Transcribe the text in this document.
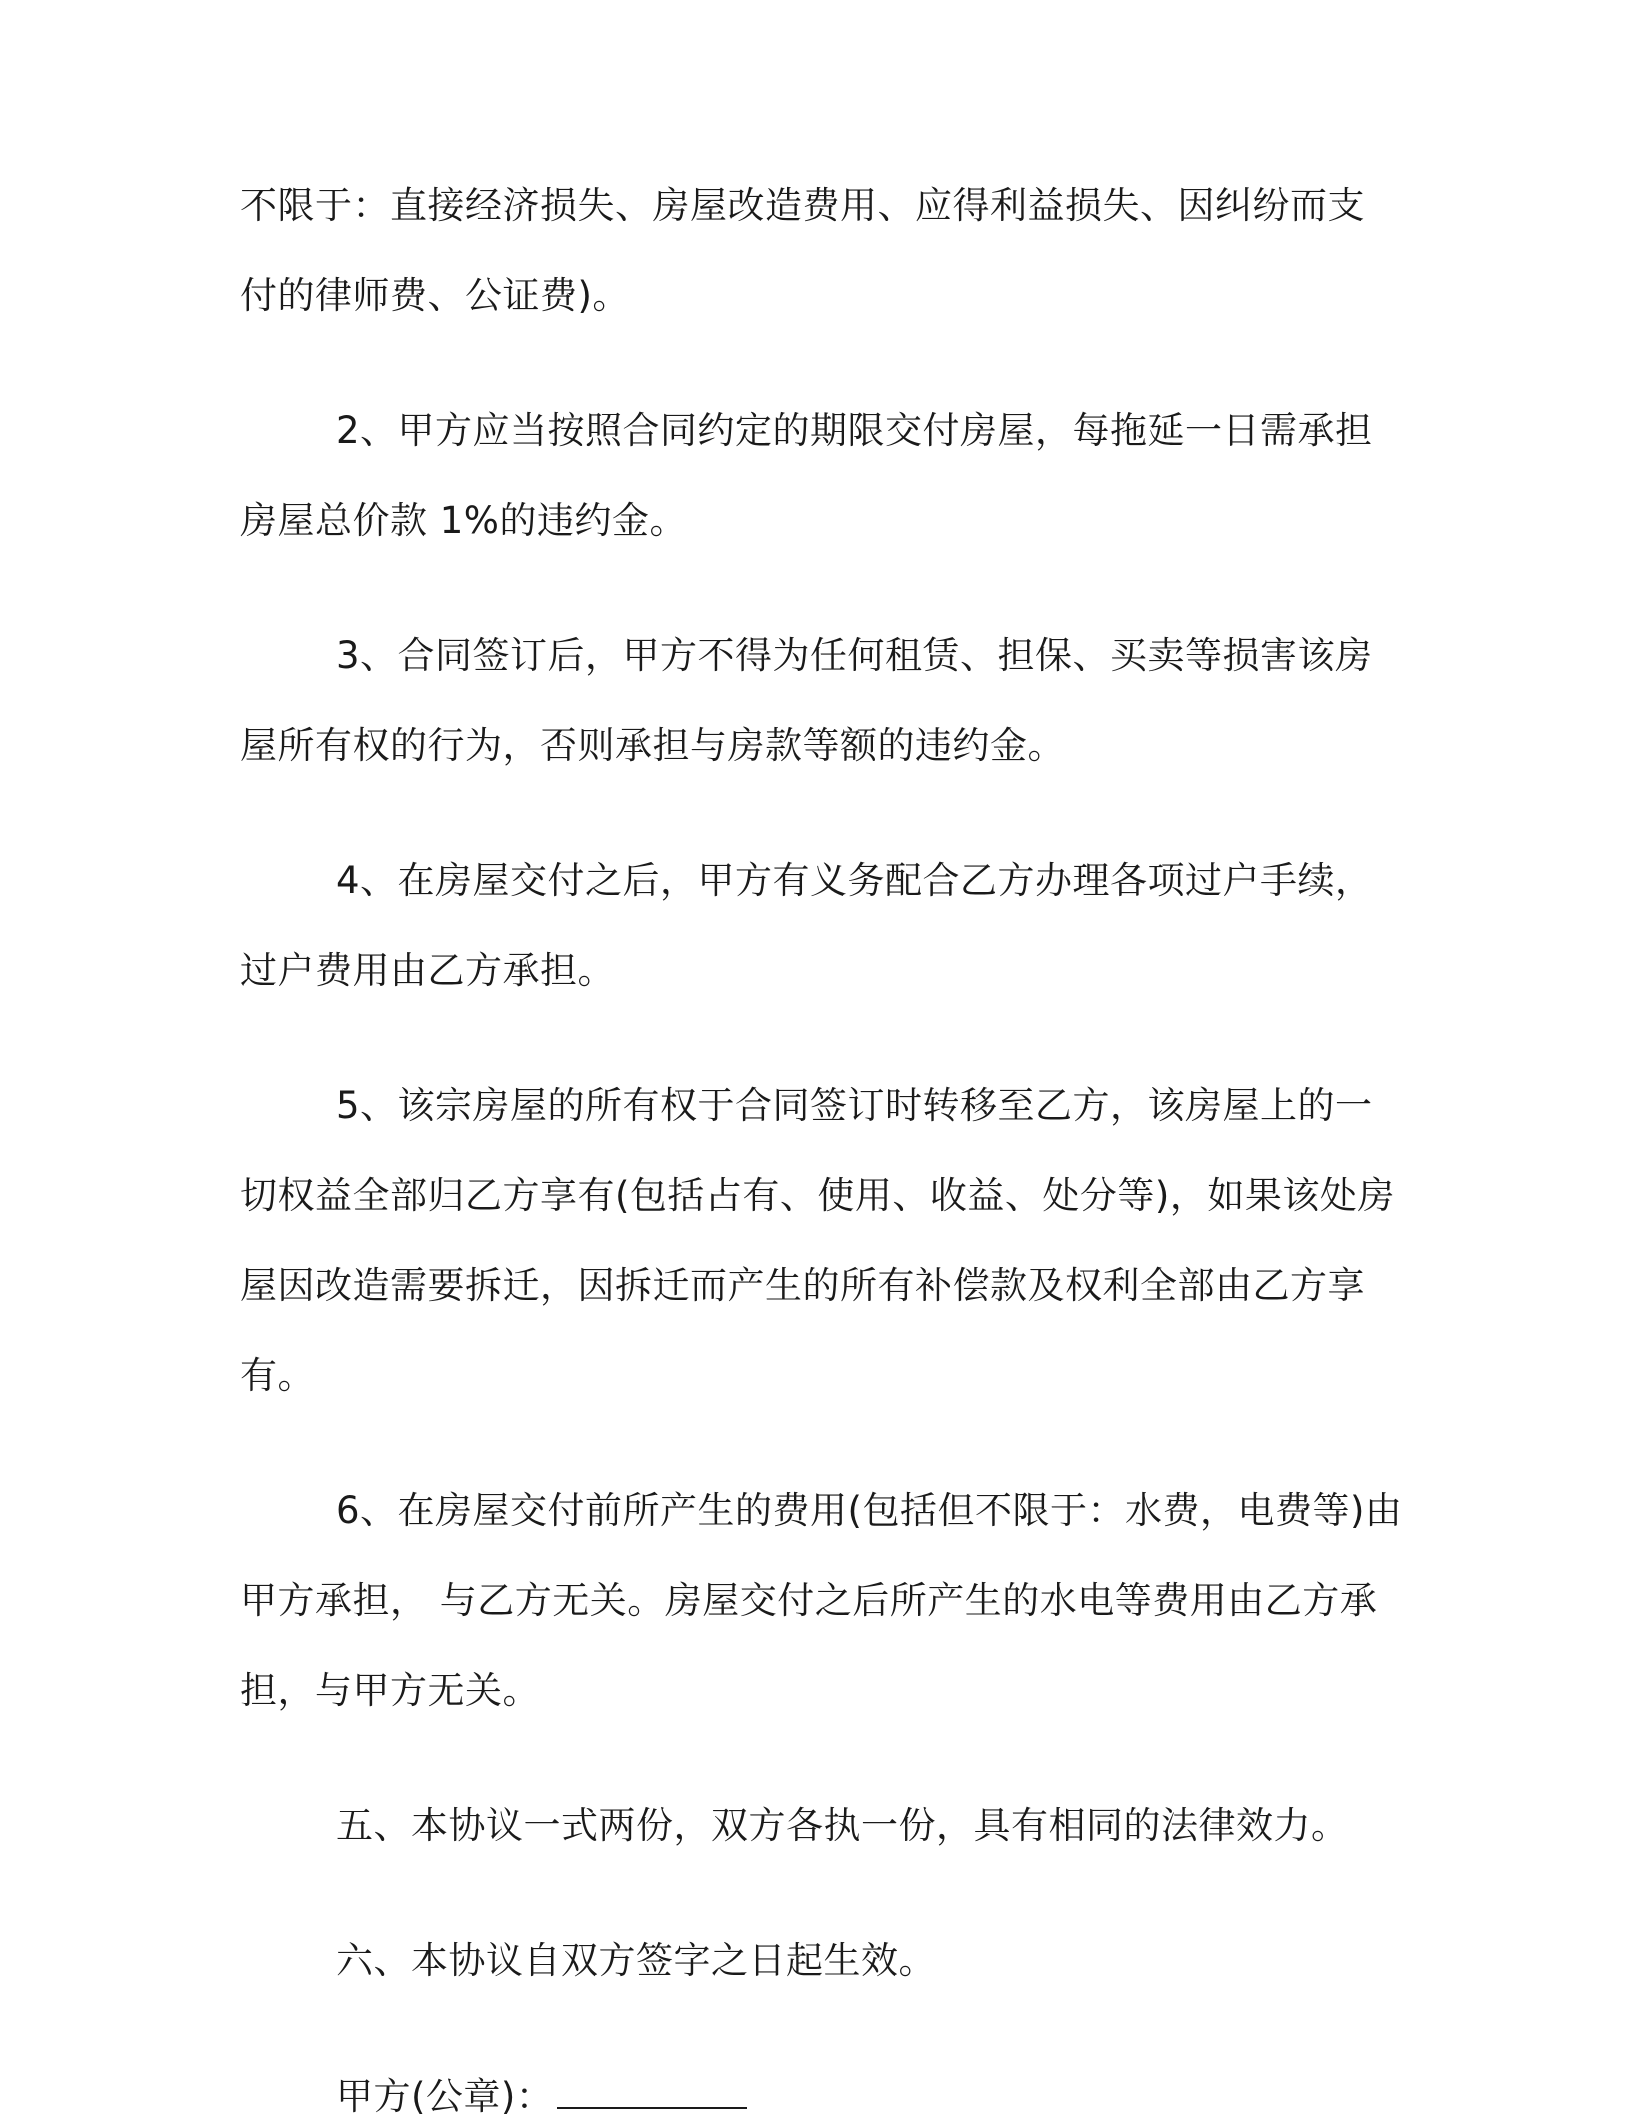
不限于：直接经济损失、房屋改造费用、应得利益损失、因纠纷而支
付的律师费、公证费)。
2、甲方应当按照合同约定的期限交付房屋，每拖延一日需承担
房屋总价款 1%的违约金。
3、合同签订后，甲方不得为任何租赁、担保、买卖等损害该房
屋所有权的行为，否则承担与房款等额的违约金。
4、在房屋交付之后，甲方有义务配合乙方办理各项过户手续，
过户费用由乙方承担。
5、该宗房屋的所有权于合同签订时转移至乙方，该房屋上的一
切权益全部归乙方享有(包括占有、使用、收益、处分等)，如果该处房
屋因改造需要拆迁，因拆迁而产生的所有补偿款及权利全部由乙方享
有。
6、在房屋交付前所产生的费用(包括但不限于：水费，电费等)由
甲方承担， 与乙方无关。房屋交付之后所产生的水电等费用由乙方承
担，与甲方无关。
五、本协议一式两份，双方各执一份，具有相同的法律效力。
六、本协议自双方签字之日起生效。
甲方(公章)：
